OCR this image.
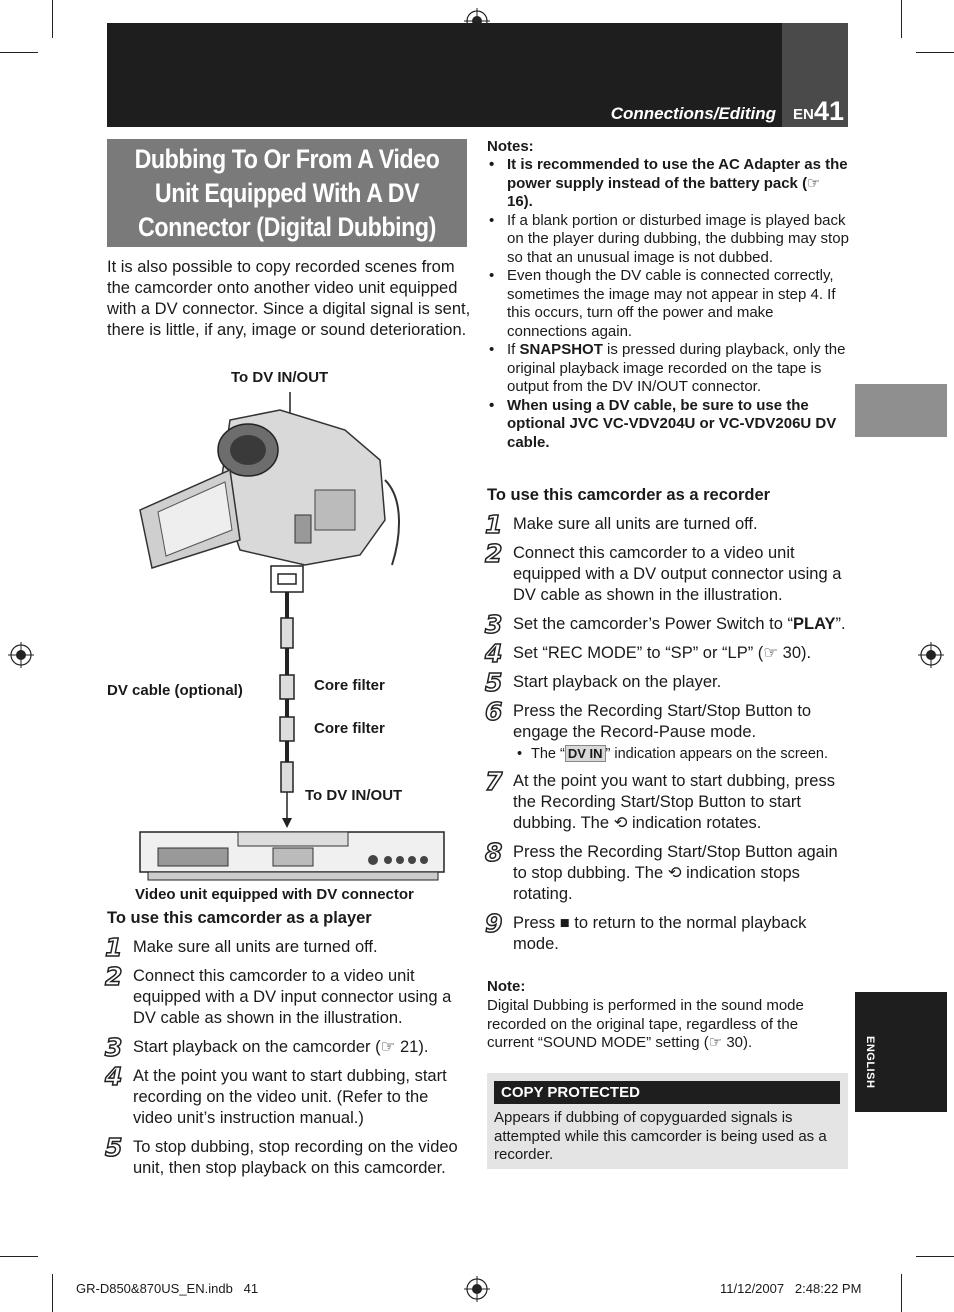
Connections/Editing EN 41
Dubbing To Or From A Video Unit Equipped With A DV Connector (Digital Dubbing)
It is also possible to copy recorded scenes from the camcorder onto another video unit equipped with a DV connector. Since a digital signal is sent, there is little, if any, image or sound deterioration.
To DV IN/OUT
DV cable (optional)	Core filter
Core filter
To DV IN/OUT
Video unit equipped with DV connector
To use this camcorder as a player
1 Make sure all units are turned off.
2 Connect this camcorder to a video unit equipped with a DV input connector using a DV cable as shown in the illustration.
3 Start playback on the camcorder (☞ 21).
4 At the point you want to start dubbing, start recording on the video unit. (Refer to the video unit’s instruction manual.)
5 To stop dubbing, stop recording on the video unit, then stop playback on this camcorder.
Notes:
• It is recommended to use the AC Adapter as the power supply instead of the battery pack (☞ 16).
• If a blank portion or disturbed image is played back on the player during dubbing, the dubbing may stop so that an unusual image is not dubbed.
• Even though the DV cable is connected correctly, sometimes the image may not appear in step 4. If this occurs, turn off the power and make connections again.
• If SNAPSHOT is pressed during playback, only the original playback image recorded on the tape is output from the DV IN/OUT connector.
• When using a DV cable, be sure to use the optional JVC VC-VDV204U or VC-VDV206U DV cable.
To use this camcorder as a recorder
1 Make sure all units are turned off.
2 Connect this camcorder to a video unit equipped with a DV output connector using a DV cable as shown in the illustration.
3 Set the camcorder’s Power Switch to “PLAY”.
4 Set “REC MODE” to “SP” or “LP” (☞ 30).
5 Start playback on the player.
6 Press the Recording Start/Stop Button to engage the Record-Pause mode.
• The “ DV IN ” indication appears on the screen.
7 At the point you want to start dubbing, press the Recording Start/Stop Button to start dubbing. The ⟲ indication rotates.
8 Press the Recording Start/Stop Button again to stop dubbing. The ⟲ indication stops rotating.
9 Press ■ to return to the normal playback mode.
Note:
Digital Dubbing is performed in the sound mode recorded on the original tape, regardless of the current “SOUND MODE” setting (☞ 30).
COPY PROTECTED
Appears if dubbing of copyguarded signals is attempted while this camcorder is being used as a recorder.
GR-D850&870US_EN.indb   41	11/12/2007   2:48:22 PM
